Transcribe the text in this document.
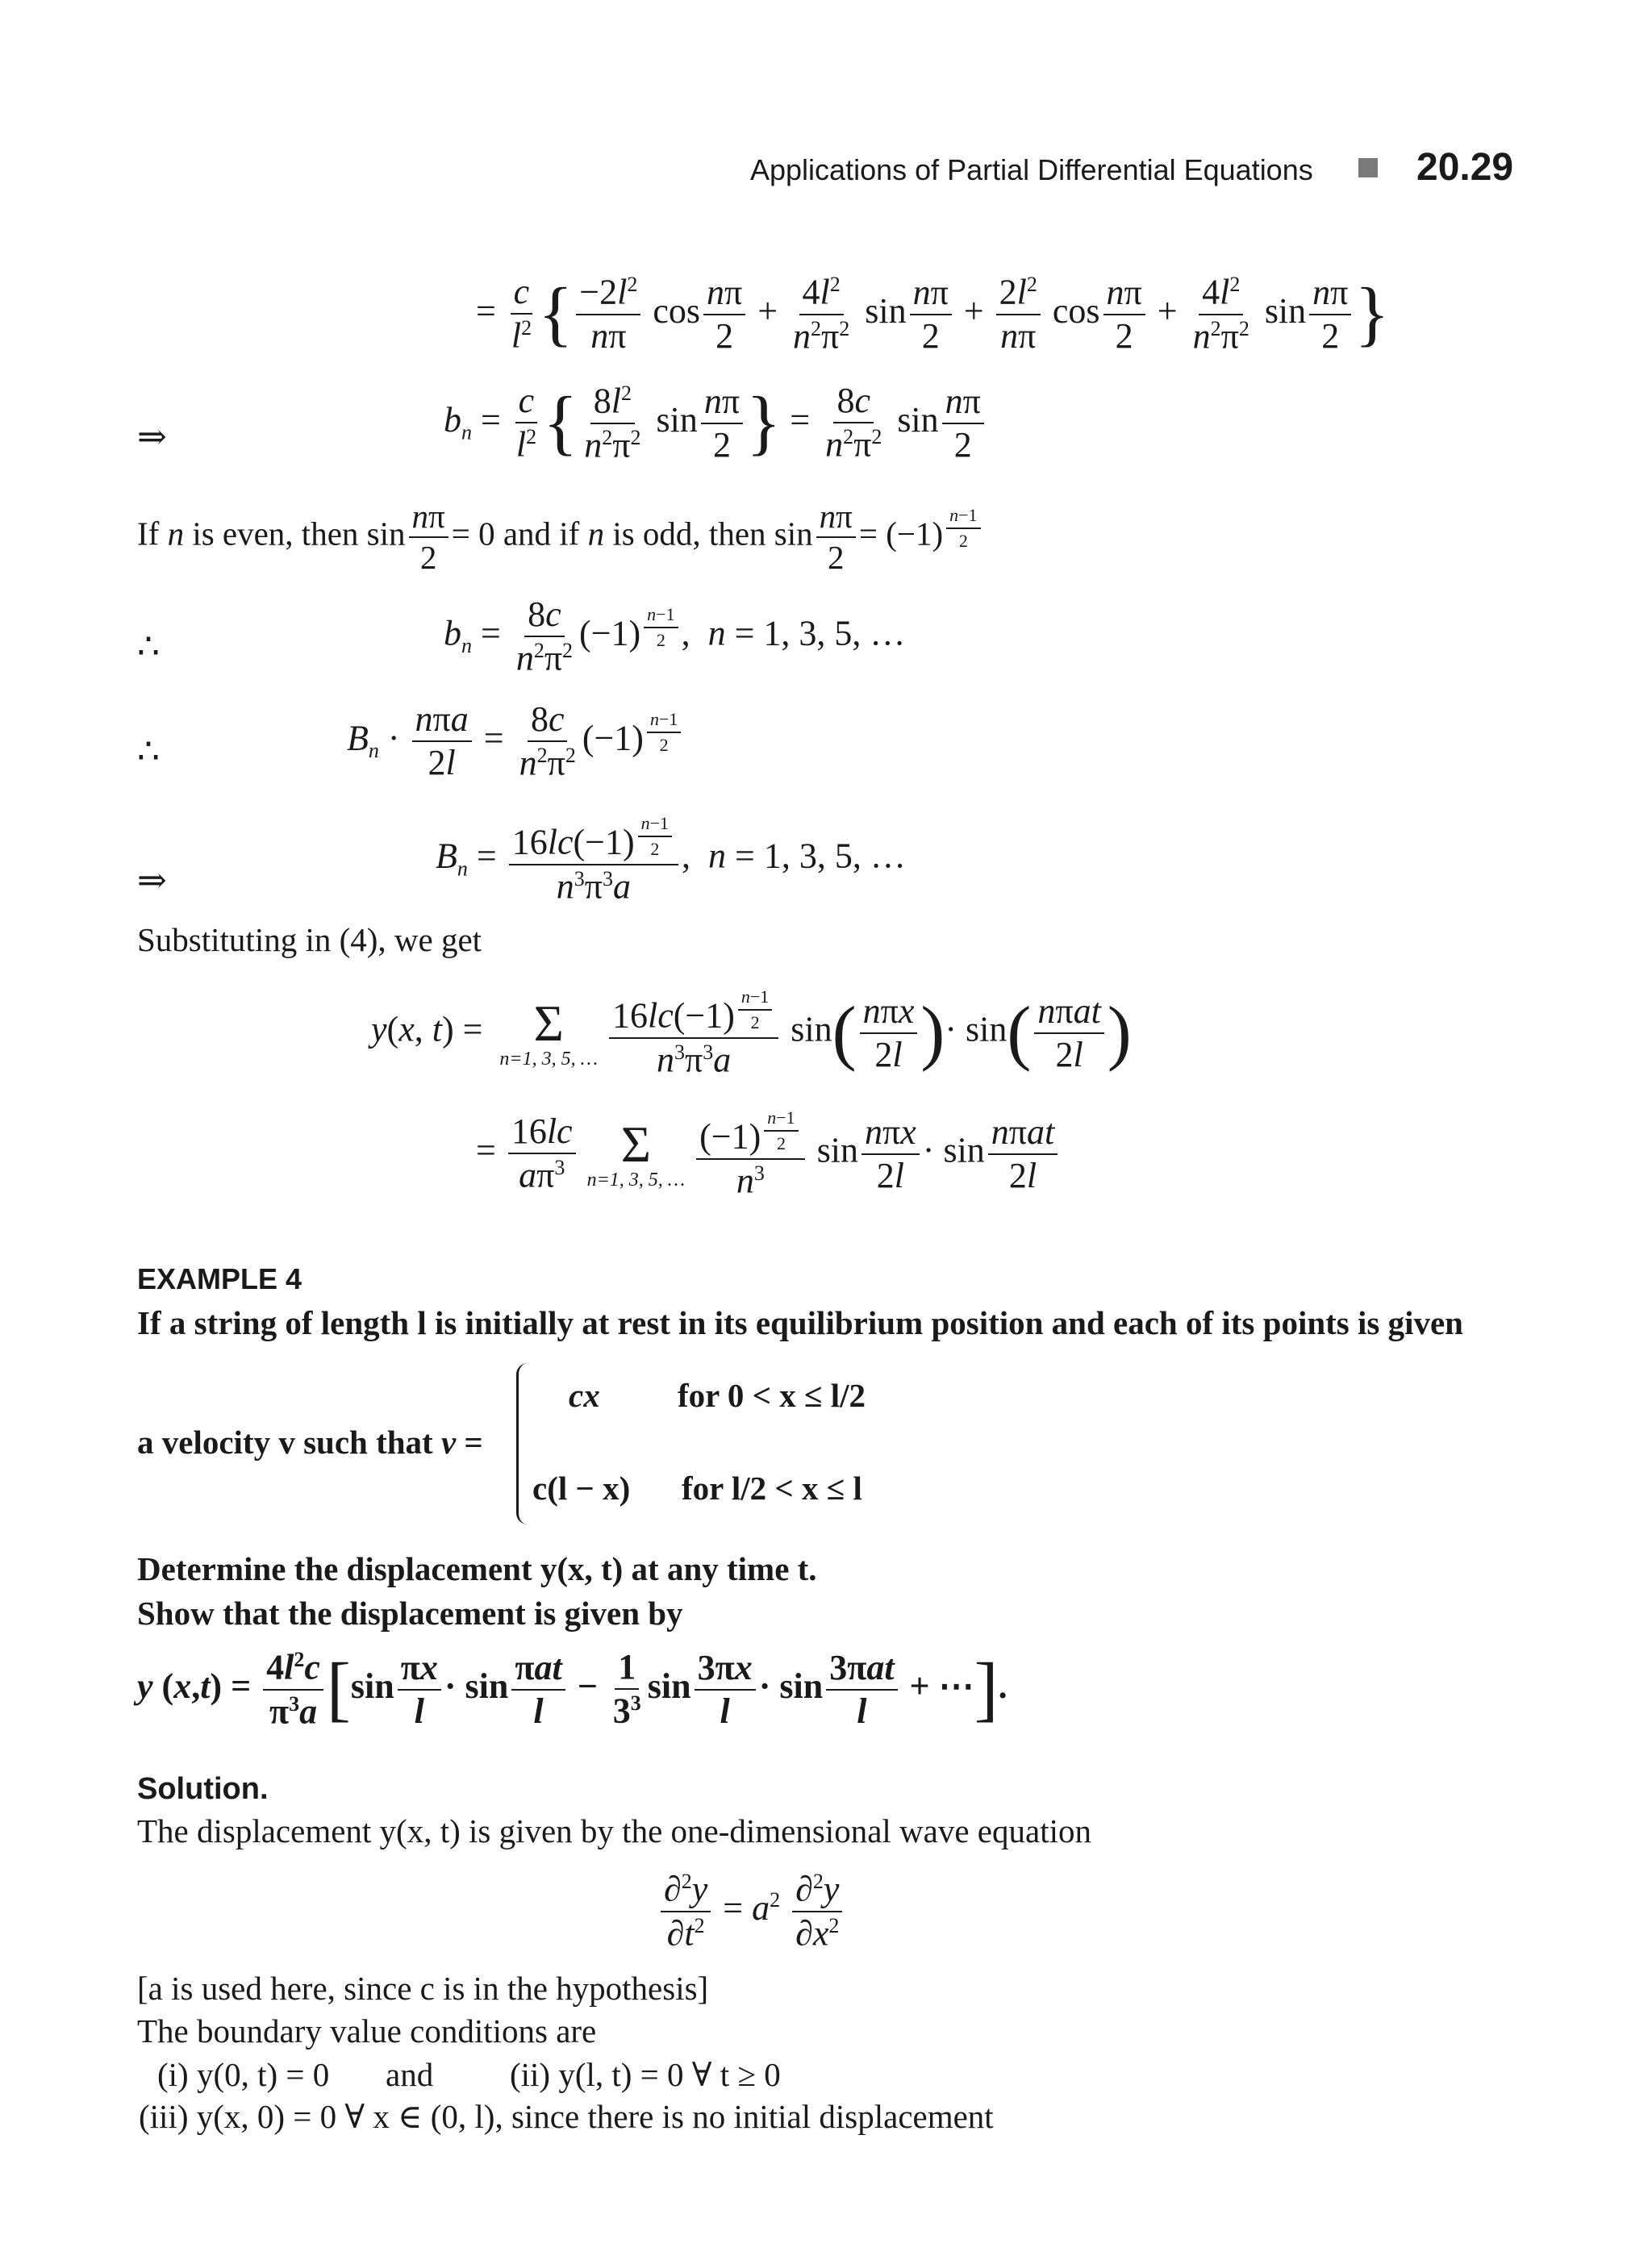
Applications of Partial Differential Equations	20.29
= $\frac{c}{l^2}$ { $\frac{-2l^2}{n\pi}$ $\cos \frac{n\pi}{2} + \frac{4l^2}{n^2\pi^2}$ $\sin \frac{n\pi}{2} + \frac{2l^2}{n\pi}$ $\cos \frac{n\pi}{2} + \frac{4l^2}{n^2\pi^2}$ $\sin \frac{n\pi}{2}$ }
⇒	$b_n = \frac{c}{l^2}$ { $\frac{8l^2}{n^2\pi^2}$ $\sin \frac{n\pi}{2}$ } = $\frac{8c}{n^2\pi^2}$ $\sin \frac{n\pi}{2}$
If n is even, then $\sin \frac{n\pi}{2} = 0$ and if n is odd, then $\sin \frac{n\pi}{2} = (-1)$ $^{\frac{n-1}{2}}$
∴	$b_n = \frac{8c}{n^2\pi^2} (-1)$ $^{\frac{n-1}{2}}$ ,  n = 1, 3, 5, …
∴	$B_n \cdot \frac{\text{nπa}}{2l} = \frac{8c}{n^2\pi^2} (-1)$ $^{\frac{n-1}{2}}$
⇒
$B_n = 16lc(-1)$ $^{\frac{n-1}{2}}$
$n^3\pi^3a$ ,  n = 1, 3, 5, …
Substituting in (4), we get
y(x, t) = Σ
n=1, 3, 5, … 16lc(−1) $^{\frac{n-1}{2}}$
$n^3\pi^3a$ $\sin( \frac{\text{nπx}}{2l}$ )· $\sin( \frac{\text{nπat}}{2l}$ )
= $\frac{16lc}{a\pi^3}$ Σ
n=1, 3, 5, … (−1) $^{\frac{n-1}{2}}$
$n^3$ $\sin \frac{\text{nπx}}{2l} \cdot \sin \frac{\text{nπat}}{2l}$
EXAMPLE 4
If a string of length l is initially at rest in its equilibrium position and each of its points is given
a velocity v such that v =
cx for 0 < x ≤ l/2
c(l − x) for l/2 < x ≤ l
Determine the displacement y(x, t) at any time t.
Show that the displacement is given by
y $(x,t) = \frac{4l^2c}{\pi^3a} [\sin \frac{\pi x}{l} \cdot \sin \frac{\text{πat}}{l} - \frac{1}{3^3}$ $\sin \frac{3\pi x}{l} \cdot \sin \frac{\text{3πat}}{l}$ + ⋯].
Solution.
The displacement y(x, t) is given by the one-dimensional wave equation
$\frac{\partial^2y}{\partial t^2} = a^2 \frac{\partial^2y}{\partial x^2}$
[a is used here, since c is in the hypothesis]
The boundary value conditions are
(i) y(0, t) = 0 and (ii) y(l, t) = 0 ∀ t ≥ 0
(iii) y(x, 0) = 0 ∀ x ∈ (0, l), since there is no initial displacement
